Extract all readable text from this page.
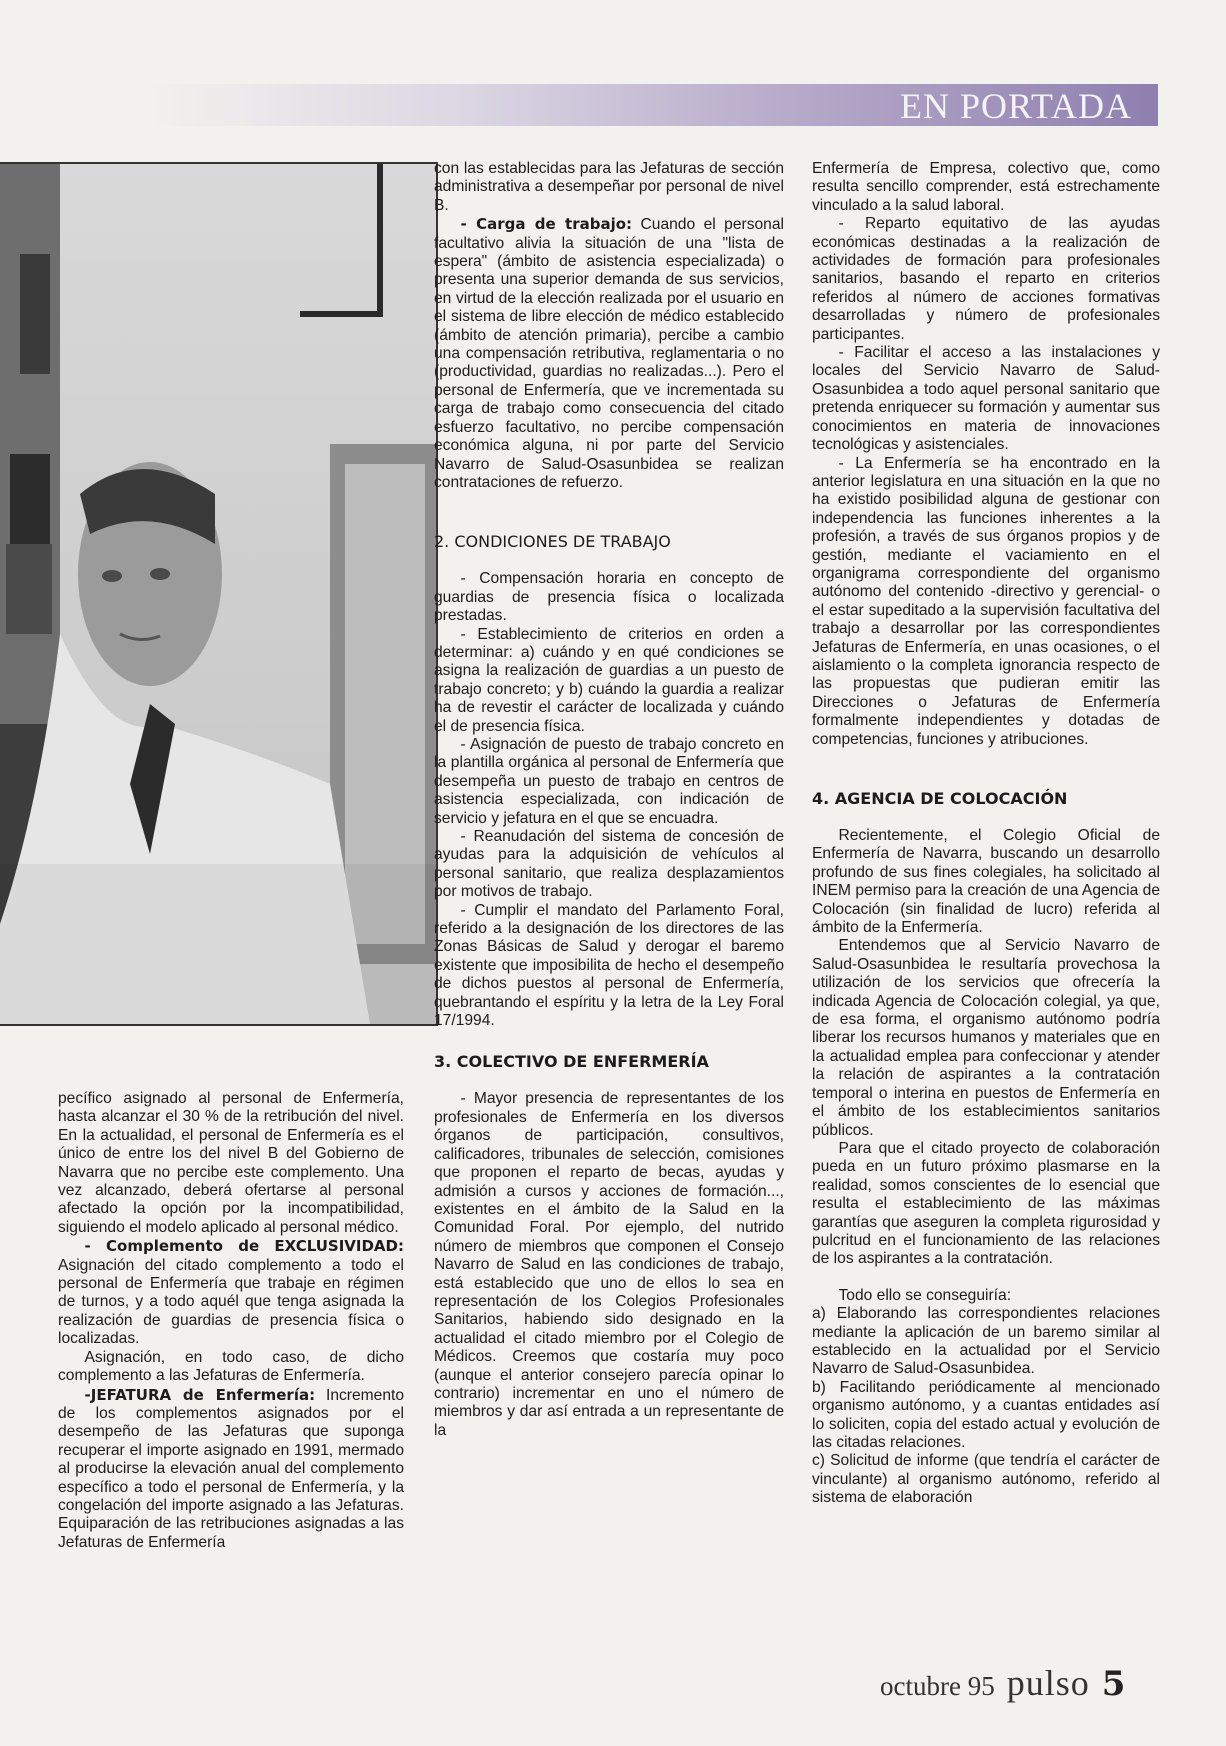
EN PORTADA

pecífico asignado al personal de Enfermería, hasta alcanzar el 30 % de la retribución del nivel. En la actualidad, el personal de Enfermería es el único de entre los del nivel B del Gobierno de Navarra que no percibe este complemento. Una vez alcanzado, deberá ofertarse al personal afectado la opción por la incompatibilidad, siguiendo el modelo aplicado al personal médico.

- Complemento de EXCLUSIVIDAD: Asignación del citado complemento a todo el personal de Enfermería que trabaje en régimen de turnos, y a todo aquél que tenga asignada la realización de guardias de presencia física o localizadas.

Asignación, en todo caso, de dicho complemento a las Jefaturas de Enfermería.

-JEFATURA de Enfermería: Incremento de los complementos asignados por el desempeño de las Jefaturas que suponga recuperar el importe asignado en 1991, mermado al producirse la elevación anual del complemento específico a todo el personal de Enfermería, y la congelación del importe asignado a las Jefaturas. Equiparación de las retribuciones asignadas a las Jefaturas de Enfermería

con las establecidas para las Jefaturas de sección administrativa a desempeñar por personal de nivel B.

- Carga de trabajo: Cuando el personal facultativo alivia la situación de una "lista de espera" (ámbito de asistencia especializada) o presenta una superior demanda de sus servicios, en virtud de la elección realizada por el usuario en el sistema de libre elección de médico establecido (ámbito de atención primaria), percibe a cambio una compensación retributiva, reglamentaria o no (productividad, guardias no realizadas...). Pero el personal de Enfermería, que ve incrementada su carga de trabajo como consecuencia del citado esfuerzo facultativo, no percibe compensación económica alguna, ni por parte del Servicio Navarro de Salud-Osasunbidea se realizan contrataciones de refuerzo.

2. CONDICIONES DE TRABAJO

- Compensación horaria en concepto de guardias de presencia física o localizada prestadas.

- Establecimiento de criterios en orden a determinar: a) cuándo y en qué condiciones se asigna la realización de guardias a un puesto de trabajo concreto; y b) cuándo la guardia a realizar ha de revestir el carácter de localizada y cuándo el de presencia física.

- Asignación de puesto de trabajo concreto en la plantilla orgánica al personal de Enfermería que desempeña un puesto de trabajo en centros de asistencia especializada, con indicación de servicio y jefatura en el que se encuadra.

- Reanudación del sistema de concesión de ayudas para la adquisición de vehículos al personal sanitario, que realiza desplazamientos por motivos de trabajo.

- Cumplir el mandato del Parlamento Foral, referido a la designación de los directores de las Zonas Básicas de Salud y derogar el baremo existente que imposibilita de hecho el desempeño de dichos puestos al personal de Enfermería, quebrantando el espíritu y la letra de la Ley Foral 17/1994.

3. COLECTIVO DE ENFERMERÍA

- Mayor presencia de representantes de los profesionales de Enfermería en los diversos órganos de participación, consultivos, calificadores, tribunales de selección, comisiones que proponen el reparto de becas, ayudas y admisión a cursos y acciones de formación..., existentes en el ámbito de la Salud en la Comunidad Foral. Por ejemplo, del nutrido número de miembros que componen el Consejo Navarro de Salud en las condiciones de trabajo, está establecido que uno de ellos lo sea en representación de los Colegios Profesionales Sanitarios, habiendo sido designado en la actualidad el citado miembro por el Colegio de Médicos. Creemos que costaría muy poco (aunque el anterior consejero parecía opinar lo contrario) incrementar en uno el número de miembros y dar así entrada a un representante de la

Enfermería de Empresa, colectivo que, como resulta sencillo comprender, está estrechamente vinculado a la salud laboral.

- Reparto equitativo de las ayudas económicas destinadas a la realización de actividades de formación para profesionales sanitarios, basando el reparto en criterios referidos al número de acciones formativas desarrolladas y número de profesionales participantes.

- Facilitar el acceso a las instalaciones y locales del Servicio Navarro de Salud-Osasunbidea a todo aquel personal sanitario que pretenda enriquecer su formación y aumentar sus conocimientos en materia de innovaciones tecnológicas y asistenciales.

- La Enfermería se ha encontrado en la anterior legislatura en una situación en la que no ha existido posibilidad alguna de gestionar con independencia las funciones inherentes a la profesión, a través de sus órganos propios y de gestión, mediante el vaciamiento en el organigrama correspondiente del organismo autónomo del contenido -directivo y gerencial- o el estar supeditado a la supervisión facultativa del trabajo a desarrollar por las correspondientes Jefaturas de Enfermería, en unas ocasiones, o el aislamiento o la completa ignorancia respecto de las propuestas que pudieran emitir las Direcciones o Jefaturas de Enfermería formalmente independientes y dotadas de competencias, funciones y atribuciones.

4. AGENCIA DE COLOCACIÓN

Recientemente, el Colegio Oficial de Enfermería de Navarra, buscando un desarrollo profundo de sus fines colegiales, ha solicitado al INEM permiso para la creación de una Agencia de Colocación (sin finalidad de lucro) referida al ámbito de la Enfermería.

Entendemos que al Servicio Navarro de Salud-Osasunbidea le resultaría provechosa la utilización de los servicios que ofrecería la indicada Agencia de Colocación colegial, ya que, de esa forma, el organismo autónomo podría liberar los recursos humanos y materiales que en la actualidad emplea para confeccionar y atender la relación de aspirantes a la contratación temporal o interina en puestos de Enfermería en el ámbito de los establecimientos sanitarios públicos.

Para que el citado proyecto de colaboración pueda en un futuro próximo plasmarse en la realidad, somos conscientes de lo esencial que resulta el establecimiento de las máximas garantías que aseguren la completa rigurosidad y pulcritud en el funcionamiento de las relaciones de los aspirantes a la contratación.

Todo ello se conseguiría:

a) Elaborando las correspondientes relaciones mediante la aplicación de un baremo similar al establecido en la actualidad por el Servicio Navarro de Salud-Osasunbidea.

b) Facilitando periódicamente al mencionado organismo autónomo, y a cuantas entidades así lo soliciten, copia del estado actual y evolución de las citadas relaciones.

c) Solicitud de informe (que tendría el carácter de vinculante) al organismo autónomo, referido al sistema de elaboración

octubre 95 pulso 5
